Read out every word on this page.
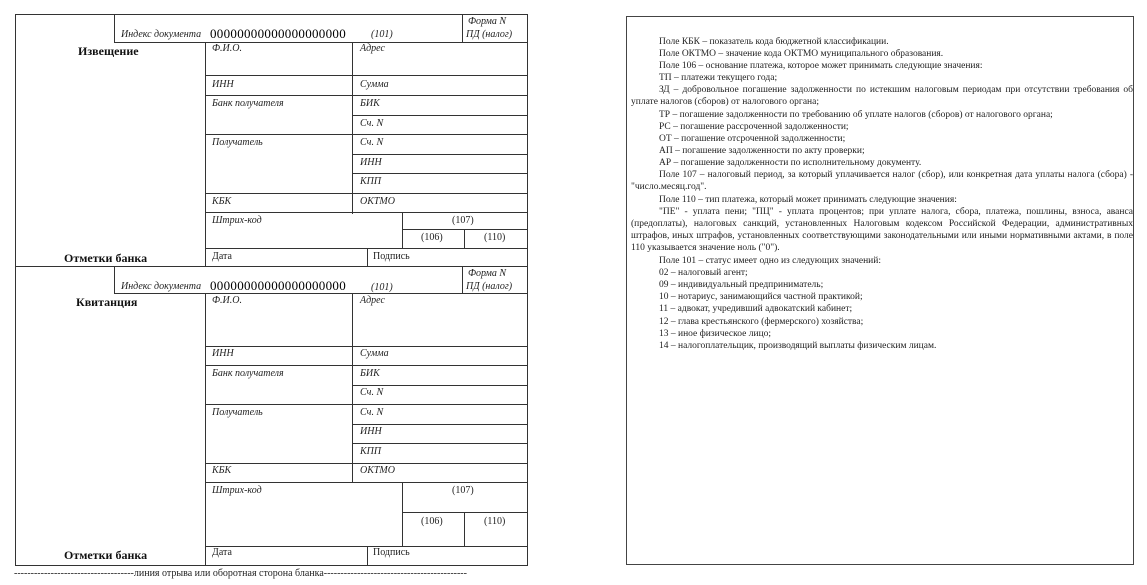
Индекс документа 00000000000000000000	(101)
Форма N
ПД (налог)
Извещение	Ф.И.О.	Адрес
ИНН	Сумма
Банк получателя	БИК
Сч. N
Получатель	Сч. N
ИНН
КПП
КБК	ОКТМО
Штрих-код	(107)
(106)	(110)
Дата	Подпись
Отметки банка
Индекс документа 00000000000000000000	(101)
Форма N
ПД (налог)
Квитанция	Ф.И.О.	Адрес
ИНН	Сумма
Банк получателя	БИК
Сч. N
Получатель	Сч. N
ИНН
КПП
КБК	ОКТМО
Штрих-код	(107)
(106)	(110)
Дата	Подпись
Отметки банка
------------------------------------линия отрыва или оборотная сторона бланка-------------------------------------------
Поле КБК – показатель кода бюджетной классификации.
Поле ОКТМО – значение кода ОКТМО муниципального образования.
Поле 106 – основание платежа, которое может принимать следующие значения:
ТП – платежи текущего года;
ЗД – добровольное погашение задолженности по истекшим налоговым периодам при отсутствии требования об уплате налогов (сборов) от налогового органа;
ТР – погашение задолженности по требованию об уплате налогов (сборов) от налогового органа;
РС – погашение рассроченной задолженности;
ОТ – погашение отсроченной задолженности;
АП – погашение задолженности по акту проверки;
АР – погашение задолженности по исполнительному документу.
Поле 107 – налоговый период, за который уплачивается налог (сбор), или конкретная дата уплаты налога (сбора) - "число.месяц.год".
Поле 110 – тип платежа, который может принимать следующие значения:
"ПЕ" - уплата пени; "ПЦ" - уплата процентов; при уплате налога, сбора, платежа, пошлины, взноса, аванса (предоплаты), налоговых санкций, установленных Налоговым кодексом Российской Федерации, административных штрафов, иных штрафов, установленных соответствующими законодательными или иными нормативными актами, в поле 110 указывается значение ноль ("0").
Поле 101 – статус имеет одно из следующих значений:
02 – налоговый агент;
09 – индивидуальный предприниматель;
10 – нотариус, занимающийся частной практикой;
11 – адвокат, учредивший адвокатский кабинет;
12 – глава крестьянского (фермерского) хозяйства;
13 – иное физическое лицо;
14 – налогоплательщик, производящий выплаты физическим лицам.
